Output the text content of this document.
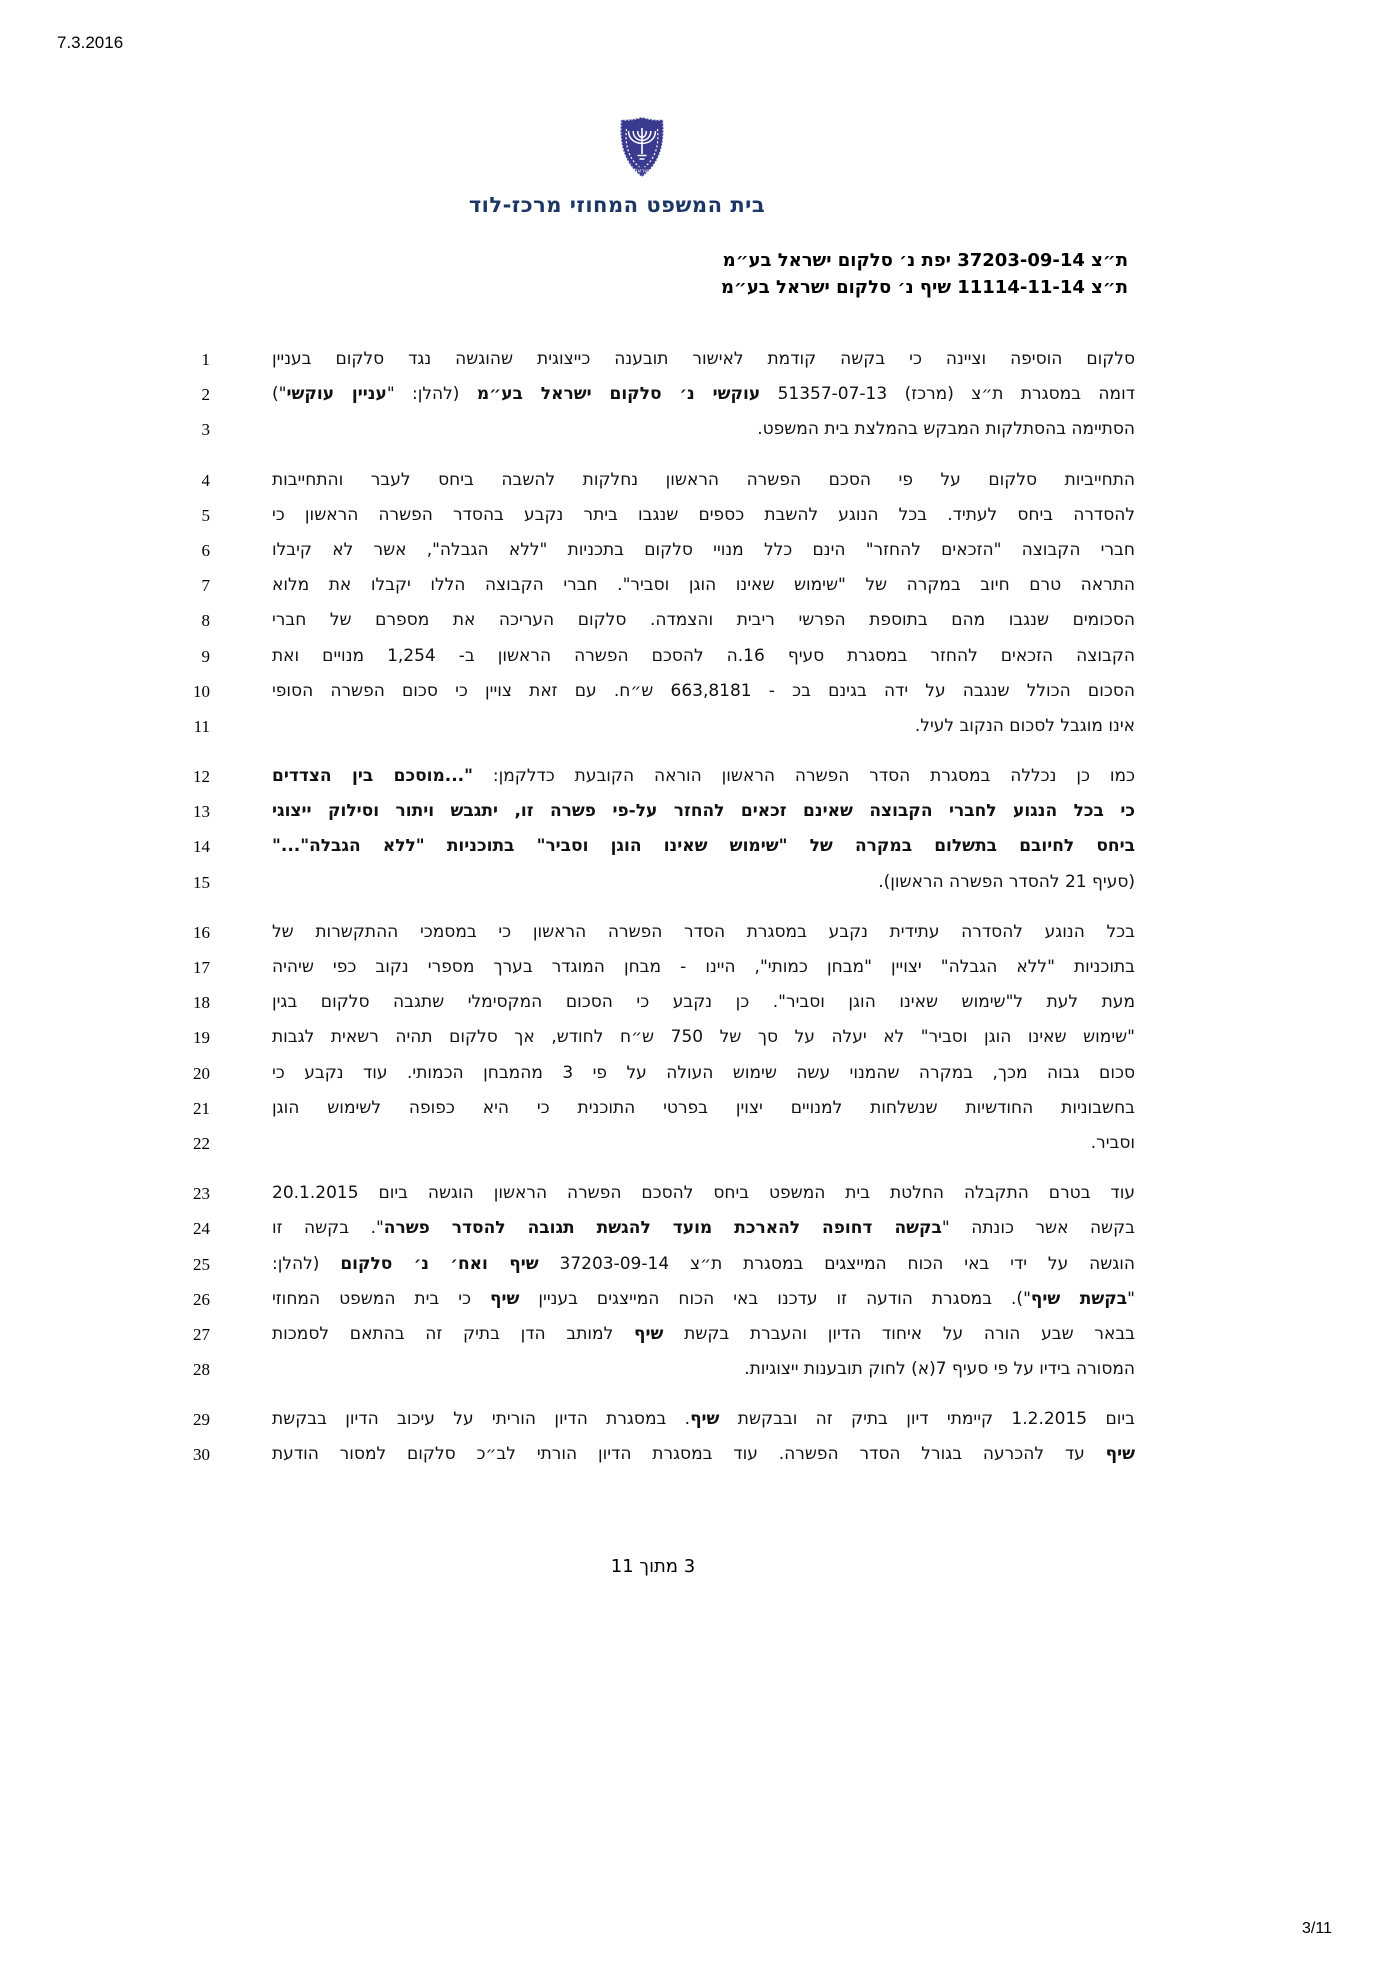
7.3.2016
ישראל
בית המשפט המחוזי מרכז-לוד
ת״צ 37203-09-14 יפת נ׳ סלקום ישראל בע״מ
ת״צ 11114-11-14 שיף נ׳ סלקום ישראל בע״מ
1	סלקום הוסיפה וציינה כי בקשה קודמת לאישור תובענה כייצוגית שהוגשה נגד סלקום בעניין
2	דומה במסגרת ת״צ (מרכז) 51357-07-13 עוקשי נ׳ סלקום ישראל בע״מ (להלן: "עניין עוקשי")
3	הסתיימה בהסתלקות המבקש בהמלצת בית המשפט.
4	התחייביות סלקום על פי הסכם הפשרה הראשון נחלקות להשבה ביחס לעבר והתחייבות
5	להסדרה ביחס לעתיד. בכל הנוגע להשבת כספים שנגבו ביתר נקבע בהסדר הפשרה הראשון כי
6	חברי הקבוצה "הזכאים להחזר" הינם כלל מנויי סלקום בתכניות "ללא הגבלה", אשר לא קיבלו
7	התראה טרם חיוב במקרה של "שימוש שאינו הוגן וסביר". חברי הקבוצה הללו יקבלו את מלוא
8	הסכומים שנגבו מהם בתוספת הפרשי ריבית והצמדה. סלקום העריכה את מספרם של חברי
9	הקבוצה הזכאים להחזר במסגרת סעיף 16.ה להסכם הפשרה הראשון ב- 1,254 מנויים ואת
10	הסכום הכולל שנגבה על ידה בגינם בכ - 663,8181 ש״ח. עם זאת צויין כי סכום הפשרה הסופי
11	אינו מוגבל לסכום הנקוב לעיל.
12	כמו כן נכללה במסגרת הסדר הפשרה הראשון הוראה הקובעת כדלקמן: "...מוסכם בין הצדדים
13	כי בכל הנגוע לחברי הקבוצה שאינם זכאים להחזר על-פי פשרה זו, יתגבש ויתור וסילוק ייצוגי
14	ביחס לחיובם בתשלום במקרה של "שימוש שאינו הוגן וסביר" בתוכניות "ללא הגבלה"..."
15	(סעיף 21 להסדר הפשרה הראשון).
16	בכל הנוגע להסדרה עתידית נקבע במסגרת הסדר הפשרה הראשון כי במסמכי ההתקשרות של
17	בתוכניות "ללא הגבלה" יצויין "מבחן כמותי", היינו - מבחן המוגדר בערך מספרי נקוב כפי שיהיה
18	מעת לעת ל"שימוש שאינו הוגן וסביר". כן נקבע כי הסכום המקסימלי שתגבה סלקום בגין
19	"שימוש שאינו הוגן וסביר" לא יעלה על סך של 750 ש״ח לחודש, אך סלקום תהיה רשאית לגבות
20	סכום גבוה מכך, במקרה שהמנוי עשה שימוש העולה על פי 3 מהמבחן הכמותי. עוד נקבע כי
21	בחשבוניות החודשיות שנשלחות למנויים יצוין בפרטי התוכנית כי היא כפופה לשימוש הוגן
22	וסביר.
23	עוד בטרם התקבלה החלטת בית המשפט ביחס להסכם הפשרה הראשון הוגשה ביום 20.1.2015
24	בקשה אשר כונתה "בקשה דחופה להארכת מועד להגשת תגובה להסדר פשרה". בקשה זו
25	הוגשה על ידי באי הכוח המייצגים במסגרת ת״צ 37203-09-14 שיף ואח׳ נ׳ סלקום (להלן:
26	"בקשת שיף"). במסגרת הודעה זו עדכנו באי הכוח המייצגים בעניין שיף כי בית המשפט המחוזי
27	בבאר שבע הורה על איחוד הדיון והעברת בקשת שיף למותב הדן בתיק זה בהתאם לסמכות
28	המסורה בידיו על פי סעיף 7(א) לחוק תובענות ייצוגיות.
29	ביום 1.2.2015 קיימתי דיון בתיק זה ובבקשת שיף. במסגרת הדיון הוריתי על עיכוב הדיון בבקשת
30	שיף עד להכרעה בגורל הסדר הפשרה. עוד במסגרת הדיון הורתי לב״כ סלקום למסור הודעת
3 מתוך 11
3/11
